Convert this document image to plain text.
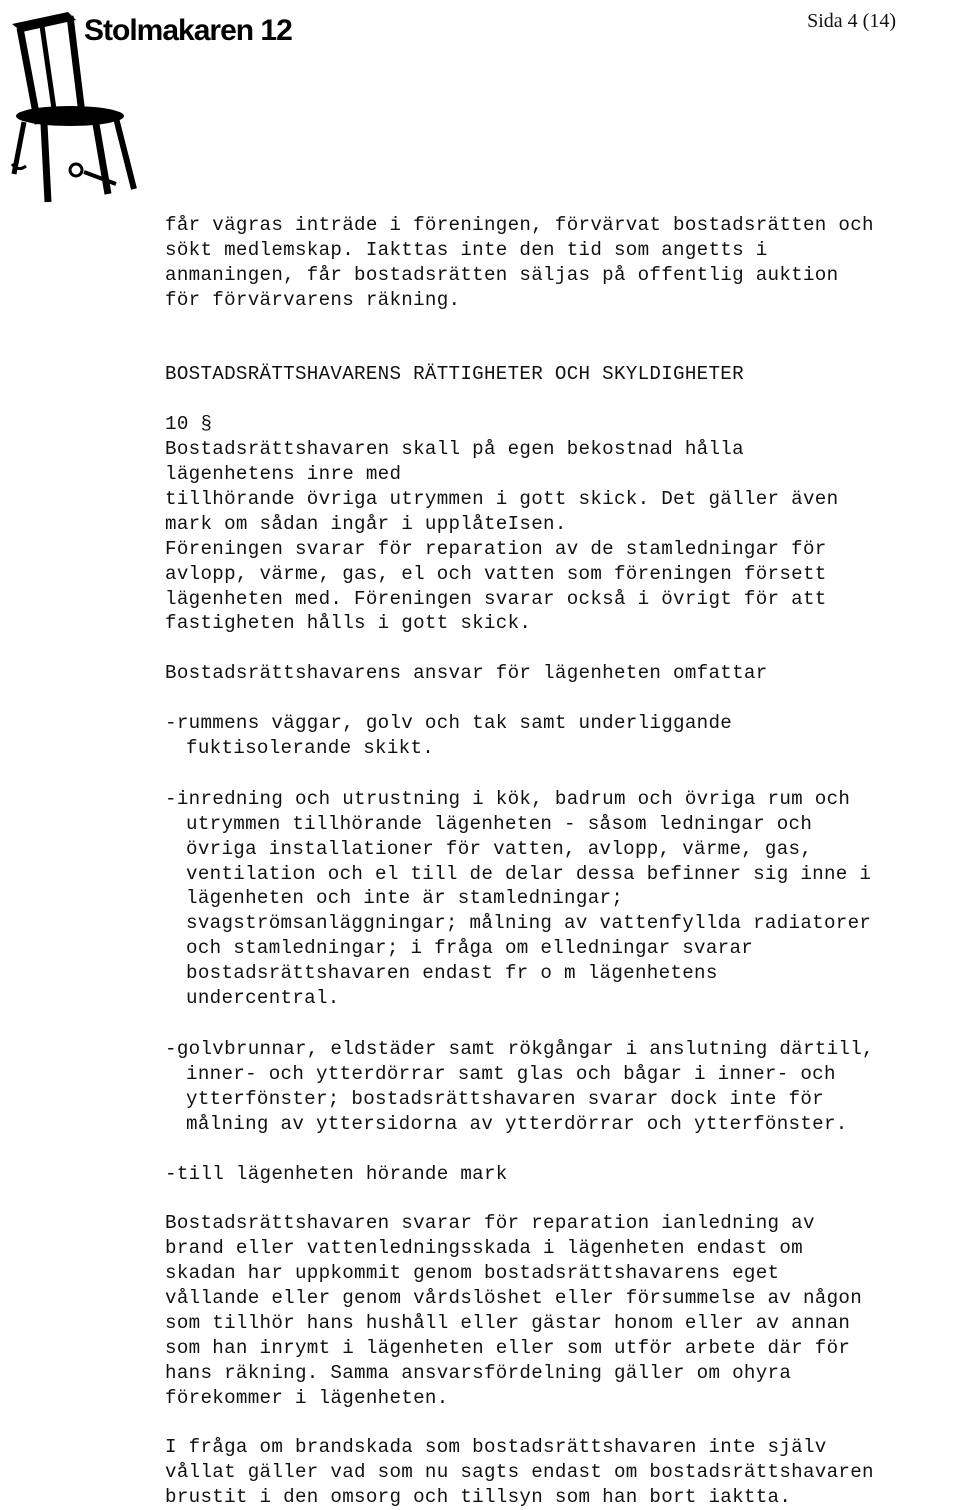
Stolmakaren 12	Sida 4 (14)
får vägras inträde i föreningen, förvärvat bostadsrätten och
sökt medlemskap. Iakttas inte den tid som angetts i
anmaningen, får bostadsrätten säljas på offentlig auktion
för förvärvarens räkning.
BOSTADSRÄTTSHAVARENS RÄTTIGHETER OCH SKYLDIGHETER
10 §
Bostadsrättshavaren skall på egen bekostnad hålla
lägenhetens inre med
tillhörande övriga utrymmen i gott skick. Det gäller även
mark om sådan ingår i upplåteIsen.
Föreningen svarar för reparation av de stamledningar för
avlopp, värme, gas, el och vatten som föreningen försett
lägenheten med. Föreningen svarar också i övrigt för att
fastigheten hålls i gott skick.
Bostadsrättshavarens ansvar för lägenheten omfattar
-rummens väggar, golv och tak samt underliggande
fuktisolerande skikt.
-inredning och utrustning i kök, badrum och övriga rum och
utrymmen tillhörande lägenheten - såsom ledningar och
övriga installationer för vatten, avlopp, värme, gas,
ventilation och el till de delar dessa befinner sig inne i
lägenheten och inte är stamledningar;
svagströmsanläggningar; målning av vattenfyllda radiatorer
och stamledningar; i fråga om elledningar svarar
bostadsrättshavaren endast fr o m lägenhetens
undercentral.
-golvbrunnar, eldstäder samt rökgångar i anslutning därtill,
inner- och ytterdörrar samt glas och bågar i inner- och
ytterfönster; bostadsrättshavaren svarar dock inte för
målning av yttersidorna av ytterdörrar och ytterfönster.
-till lägenheten hörande mark
Bostadsrättshavaren svarar för reparation ianledning av
brand eller vattenledningsskada i lägenheten endast om
skadan har uppkommit genom bostadsrättshavarens eget
vållande eller genom vårdslöshet eller försummelse av någon
som tillhör hans hushåll eller gästar honom eller av annan
som han inrymt i lägenheten eller som utför arbete där för
hans räkning. Samma ansvarsfördelning gäller om ohyra
förekommer i lägenheten.
I fråga om brandskada som bostadsrättshavaren inte själv
vållat gäller vad som nu sagts endast om bostadsrättshavaren
brustit i den omsorg och tillsyn som han bort iaktta.
